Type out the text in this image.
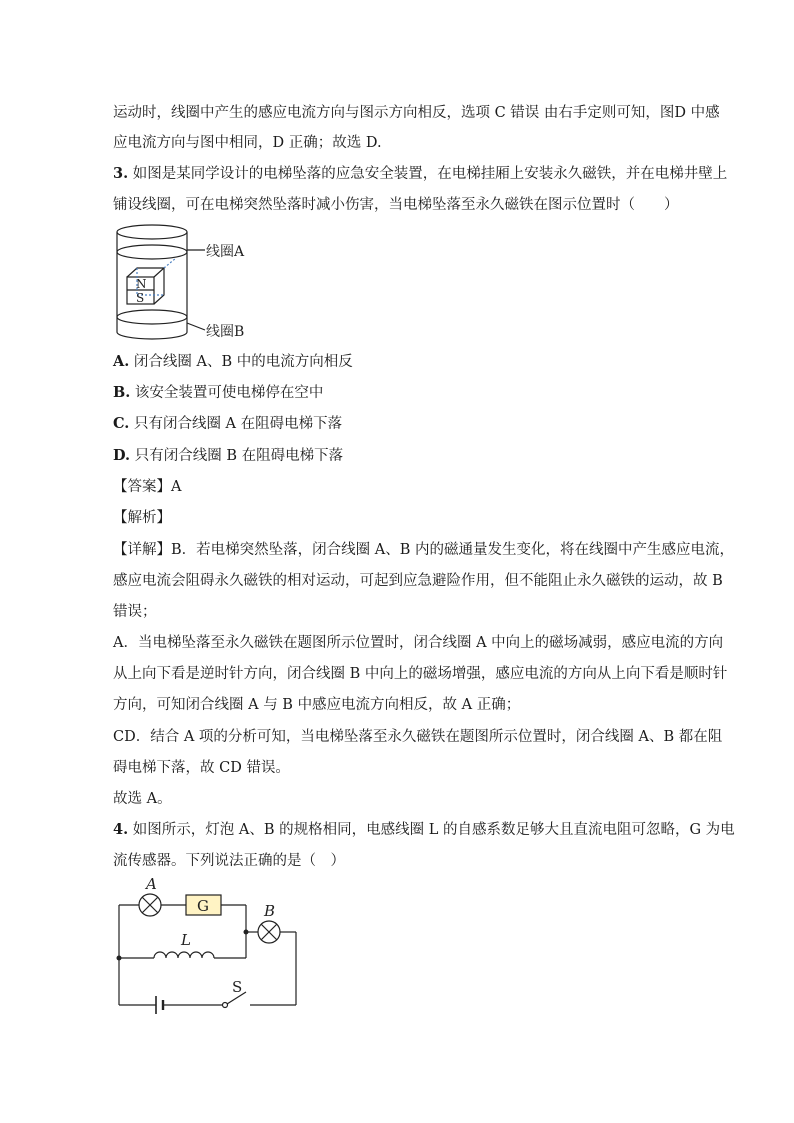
运动时，线圈中产生的感应电流方向与图示方向相反，选项 C 错误 由右手定则可知，图D 中感
应电流方向与图中相同，D 正确；故选 D.
3. 如图是某同学设计的电梯坠落的应急安全装置，在电梯挂厢上安装永久磁铁，并在电梯井壁上
铺设线圈，可在电梯突然坠落时减小伤害，当电梯坠落至永久磁铁在图示位置时（　　）
N
S
线圈A
线圈B
A. 闭合线圈 A、B 中的电流方向相反
B. 该安全装置可使电梯停在空中
C. 只有闭合线圈 A 在阻碍电梯下落
D. 只有闭合线圈 B 在阻碍电梯下落
【答案】A
【解析】
【详解】B．若电梯突然坠落，闭合线圈 A、B 内的磁通量发生变化，将在线圈中产生感应电流，
感应电流会阻碍永久磁铁的相对运动，可起到应急避险作用，但不能阻止永久磁铁的运动，故 B
错误；
A．当电梯坠落至永久磁铁在题图所示位置时，闭合线圈 A 中向上的磁场减弱，感应电流的方向
从上向下看是逆时针方向，闭合线圈 B 中向上的磁场增强，感应电流的方向从上向下看是顺时针
方向，可知闭合线圈 A 与 B 中感应电流方向相反，故 A 正确；
CD．结合 A 项的分析可知，当电梯坠落至永久磁铁在题图所示位置时，闭合线圈 A、B 都在阻
碍电梯下落，故 CD 错误。
故选 A。
4. 如图所示，灯泡 A、B 的规格相同，电感线圈 L 的自感系数足够大且直流电阻可忽略，G 为电
流传感器。下列说法正确的是（　）
A
G	B
L
S
